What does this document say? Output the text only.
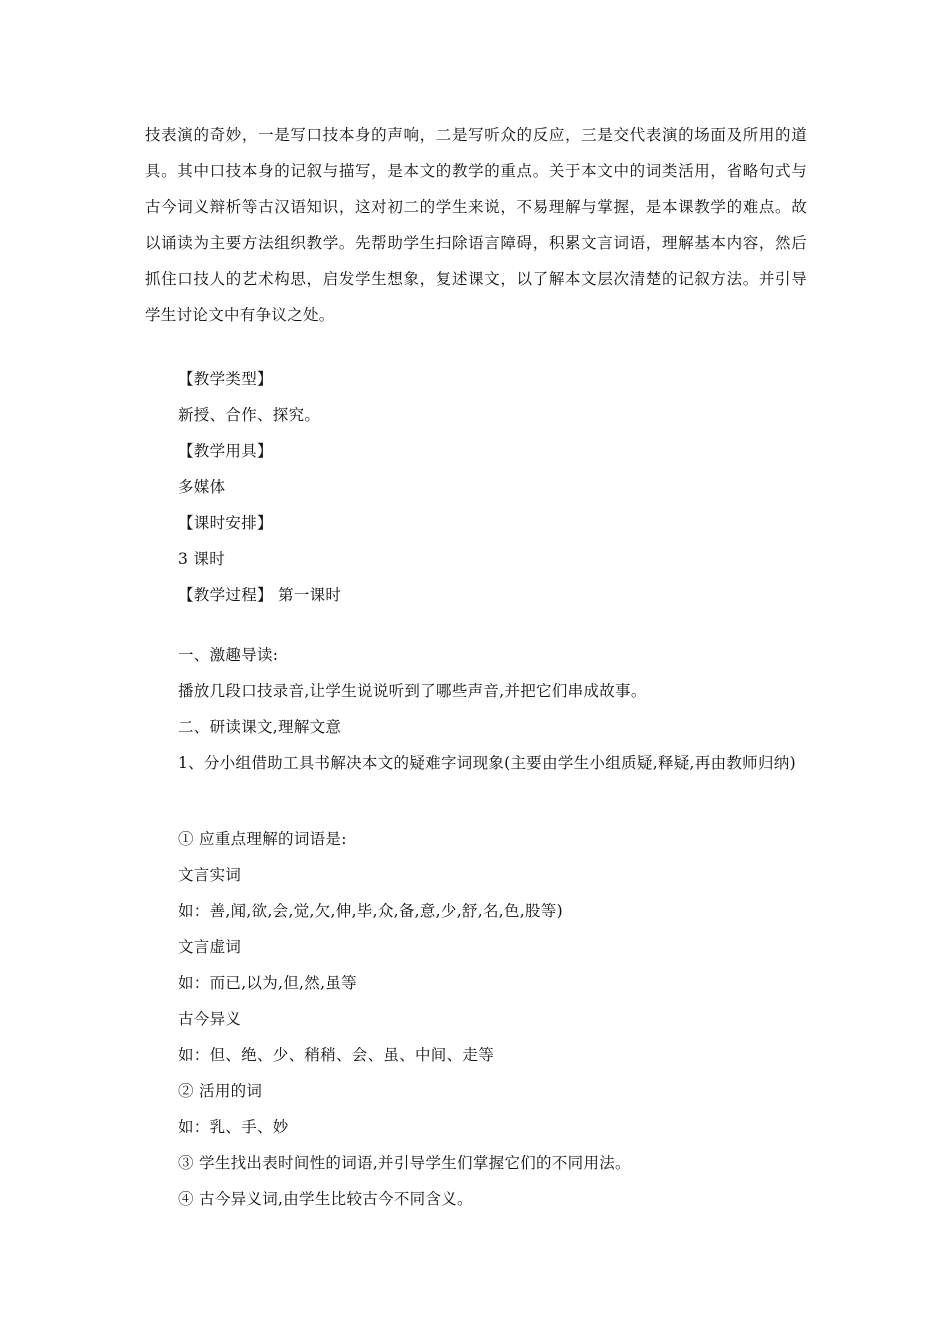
技表演的奇妙，一是写口技本身的声响，二是写听众的反应，三是交代表演的场面及所用的道具。其中口技本身的记叙与描写，是本文的教学的重点。关于本文中的词类活用，省略句式与古今词义辩析等古汉语知识，这对初二的学生来说，不易理解与掌握，是本课教学的难点。故以诵读为主要方法组织教学。先帮助学生扫除语言障碍，积累文言词语，理解基本内容，然后抓住口技人的艺术构思，启发学生想象，复述课文，以了解本文层次清楚的记叙方法。并引导学生讨论文中有争议之处。

【教学类型】

新授、合作、探究。

【教学用具】

多媒体

【课时安排】

3 课时

【教学过程】 第一课时

一、激趣导读:

播放几段口技录音,让学生说说听到了哪些声音,并把它们串成故事。

二、研读课文,理解文意

1、分小组借助工具书解决本文的疑难字词现象(主要由学生小组质疑,释疑,再由教师归纳)

① 应重点理解的词语是:

文言实词

如：善,闻,欲,会,觉,欠,伸,毕,众,备,意,少,舒,名,色,股等)

文言虚词

如：而已,以为,但,然,虽等

古今异义

如：但、绝、少、稍稍、会、虽、中间、走等

② 活用的词

如：乳、手、妙

③ 学生找出表时间性的词语,并引导学生们掌握它们的不同用法。

④ 古今异义词,由学生比较古今不同含义。
